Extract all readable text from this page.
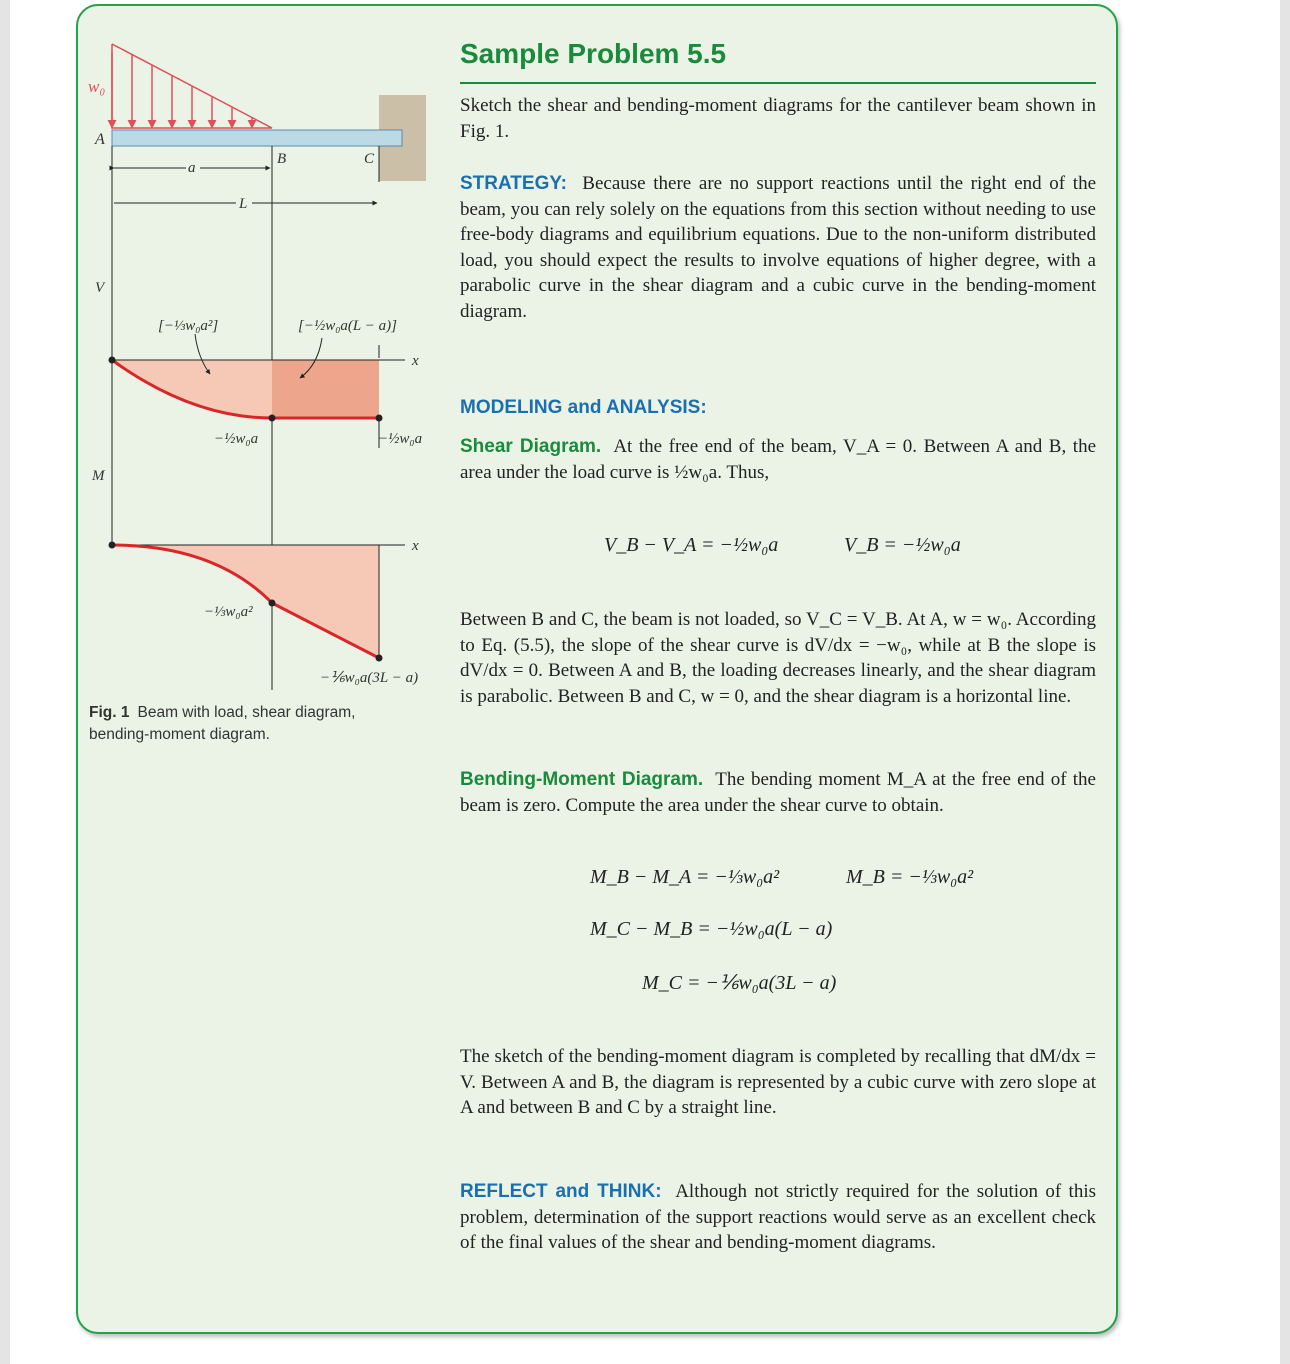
w₀
A
B	C
a
L
V
x
[−⅓w₀a²]	[−½w₀a(L − a)]
−½w₀a	−½w₀a
M
x
−⅓w₀a²
−⅙w₀a(3L − a)
Fig. 1 Beam with load, shear diagram, bending-moment diagram.
Sample Problem 5.5

Sketch the shear and bending-moment diagrams for the cantilever beam shown in Fig. 1.

STRATEGY: Because there are no support reactions until the right end of the beam, you can rely solely on the equations from this section without needing to use free-body diagrams and equilibrium equations. Due to the non-uniform distributed load, you should expect the results to involve equations of higher degree, with a parabolic curve in the shear diagram and a cubic curve in the bending-moment diagram.

MODELING and ANALYSIS:

Shear Diagram. At the free end of the beam, V_A = 0. Between A and B, the area under the load curve is ½w₀a. Thus,

V_B − V_A = −½w₀a	V_B = −½w₀a

Between B and C, the beam is not loaded, so V_C = V_B. At A, w = w₀. According to Eq. (5.5), the slope of the shear curve is dV/dx = −w₀, while at B the slope is dV/dx = 0. Between A and B, the loading decreases linearly, and the shear diagram is parabolic. Between B and C, w = 0, and the shear diagram is a horizontal line.

Bending-Moment Diagram. The bending moment M_A at the free end of the beam is zero. Compute the area under the shear curve to obtain.

M_B − M_A = −⅓w₀a²	M_B = −⅓w₀a²
M_C − M_B = −½w₀a(L − a)
M_C = −⅙w₀a(3L − a)

The sketch of the bending-moment diagram is completed by recalling that dM/dx = V. Between A and B, the diagram is represented by a cubic curve with zero slope at A and between B and C by a straight line.

REFLECT and THINK: Although not strictly required for the solution of this problem, determination of the support reactions would serve as an excellent check of the final values of the shear and bending-moment diagrams.
